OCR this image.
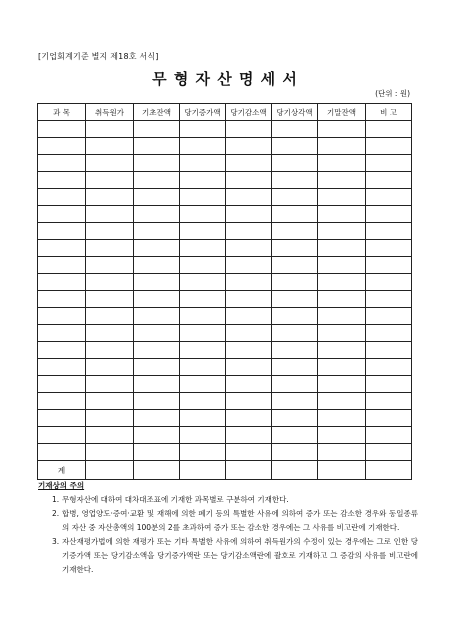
[기업회계기준 별지 제18호 서식]
무 형 자 산 명 세 서
(단위 : 원)
과 목	취득원가	기초잔액	당기증가액	당기감소액	당기상각액	기말잔액	비 고

계							
기재상의 주의
1. 무형자산에 대하여 대차대조표에 기재한 과목별로 구분하여 기재한다.
2. 합병, 영업양도·증여·교환 및 재해에 의한 폐기 등의 특별한 사유에 의하여 증가 또는 감소한 경우와 동일종류의 자산 중 자산총액의 100분의 2를 초과하여 증가 또는 감소한 경우에는 그 사유를 비고란에 기재한다.
3. 자산재평가법에 의한 재평가 또는 기타 특별한 사유에 의하여 취득원가의 수정이 있는 경우에는 그로 인한 당기증가액 또는 당기감소액을 당기증가액란 또는 당기감소액란에 괄호로 기재하고 그 증감의 사유를 비고란에 기재한다.
